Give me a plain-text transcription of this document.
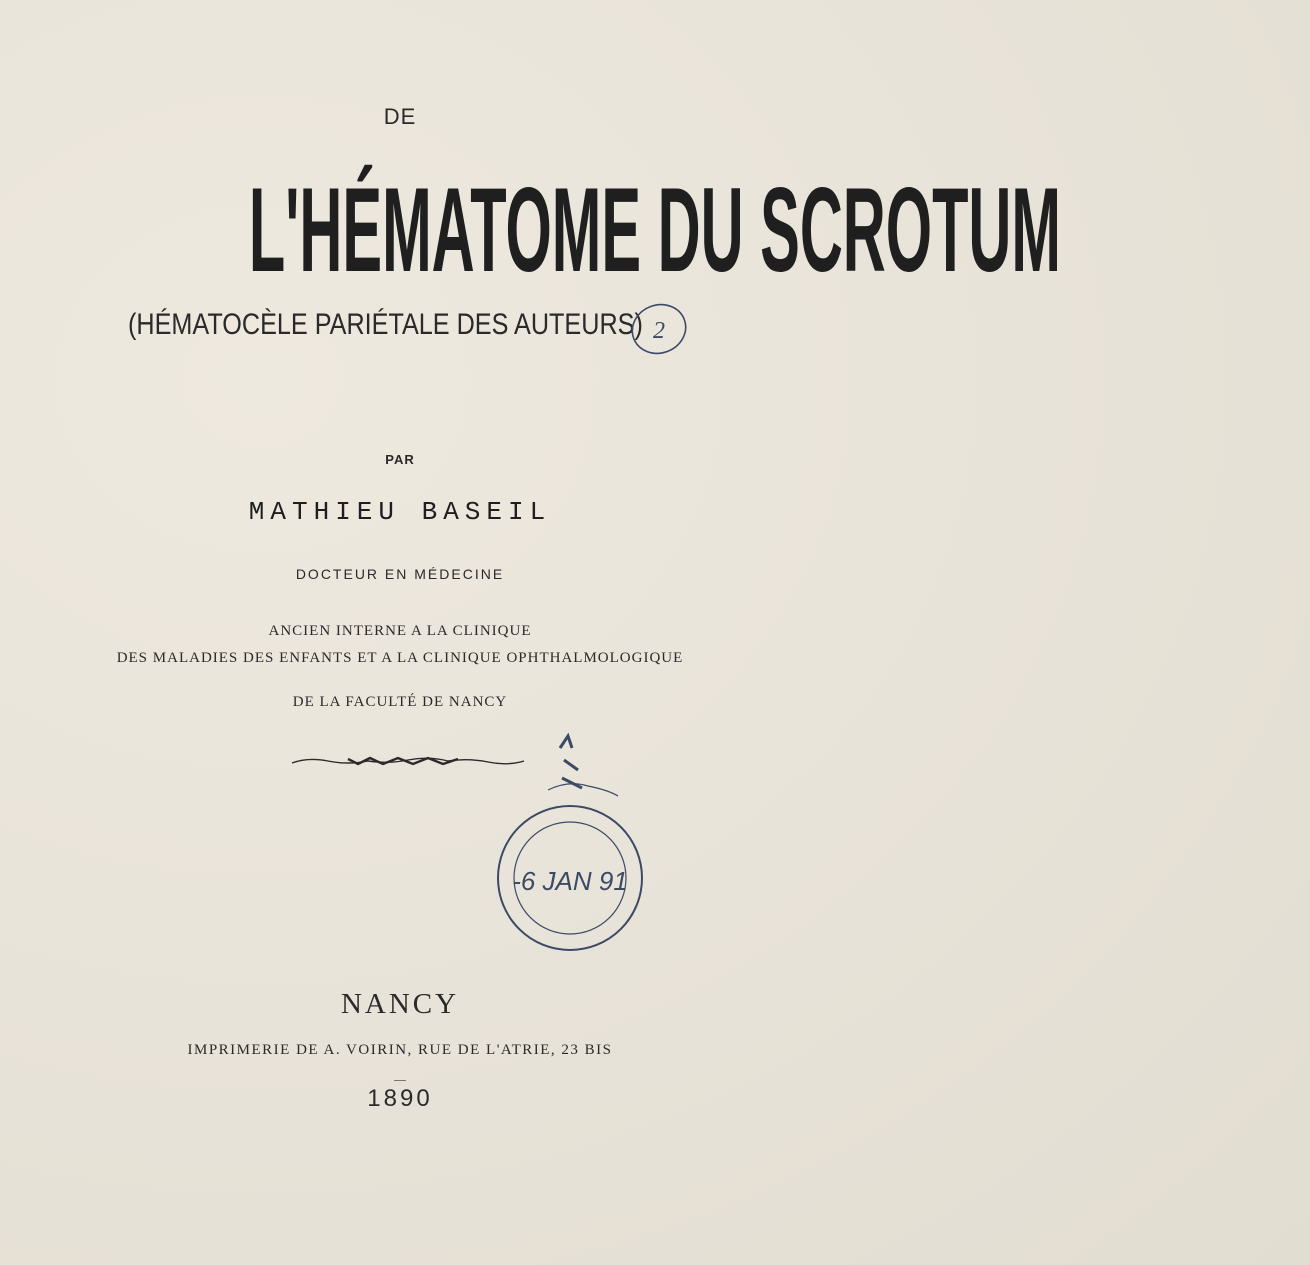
DE
L'HÉMATOME DU SCROTUM
(HÉMATOCÈLE PARIÉTALE DES AUTEURS) 2
PAR
MATHIEU BASEIL
DOCTEUR EN MÉDECINE
ANCIEN INTERNE A LA CLINIQUE
DES MALADIES DES ENFANTS ET A LA CLINIQUE OPHTHALMOLOGIQUE
DE LA FACULTÉ DE NANCY
-6 JAN 91
NANCY
IMPRIMERIE DE A. VOIRIN, RUE DE L'ATRIE, 23 BIS
—
1890
